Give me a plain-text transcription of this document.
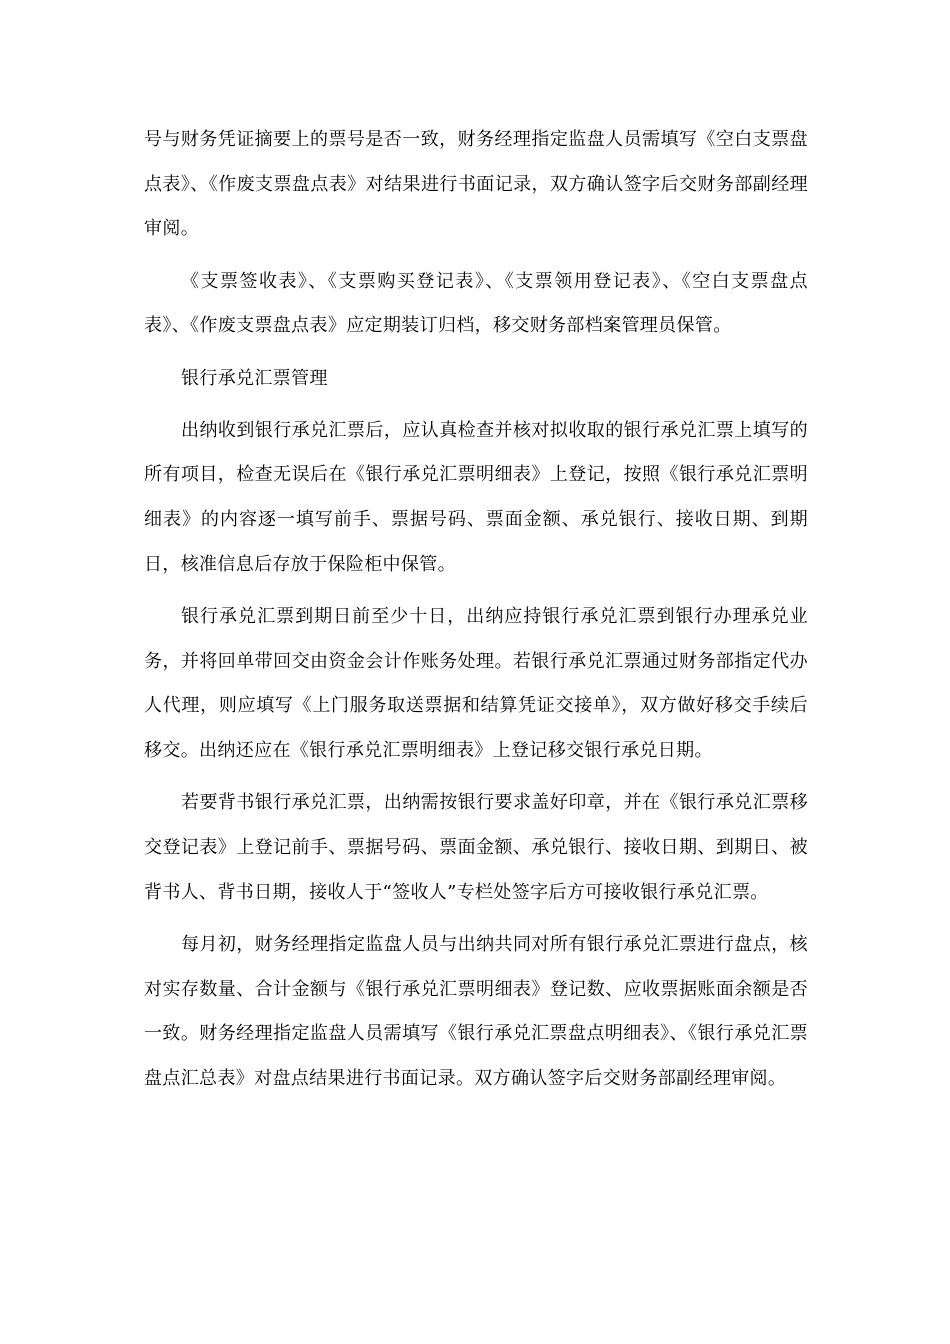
号与财务凭证摘要上的票号是否一致，财务经理指定监盘人员需填写《空白支票盘点表》、《作废支票盘点表》对结果进行书面记录，双方确认签字后交财务部副经理审阅。

《支票签收表》、《支票购买登记表》、《支票领用登记表》、《空白支票盘点表》、《作废支票盘点表》应定期装订归档，移交财务部档案管理员保管。

银行承兑汇票管理

出纳收到银行承兑汇票后，应认真检查并核对拟收取的银行承兑汇票上填写的所有项目，检查无误后在《银行承兑汇票明细表》上登记，按照《银行承兑汇票明细表》的内容逐一填写前手、票据号码、票面金额、承兑银行、接收日期、到期日，核准信息后存放于保险柜中保管。

银行承兑汇票到期日前至少十日，出纳应持银行承兑汇票到银行办理承兑业务，并将回单带回交由资金会计作账务处理。若银行承兑汇票通过财务部指定代办人代理，则应填写《上门服务取送票据和结算凭证交接单》，双方做好移交手续后移交。出纳还应在《银行承兑汇票明细表》上登记移交银行承兑日期。

若要背书银行承兑汇票，出纳需按银行要求盖好印章，并在《银行承兑汇票移交登记表》上登记前手、票据号码、票面金额、承兑银行、接收日期、到期日、被背书人、背书日期，接收人于“签收人”专栏处签字后方可接收银行承兑汇票。

每月初，财务经理指定监盘人员与出纳共同对所有银行承兑汇票进行盘点，核对实存数量、合计金额与《银行承兑汇票明细表》登记数、应收票据账面余额是否一致。财务经理指定监盘人员需填写《银行承兑汇票盘点明细表》、《银行承兑汇票盘点汇总表》对盘点结果进行书面记录。双方确认签字后交财务部副经理审阅。
